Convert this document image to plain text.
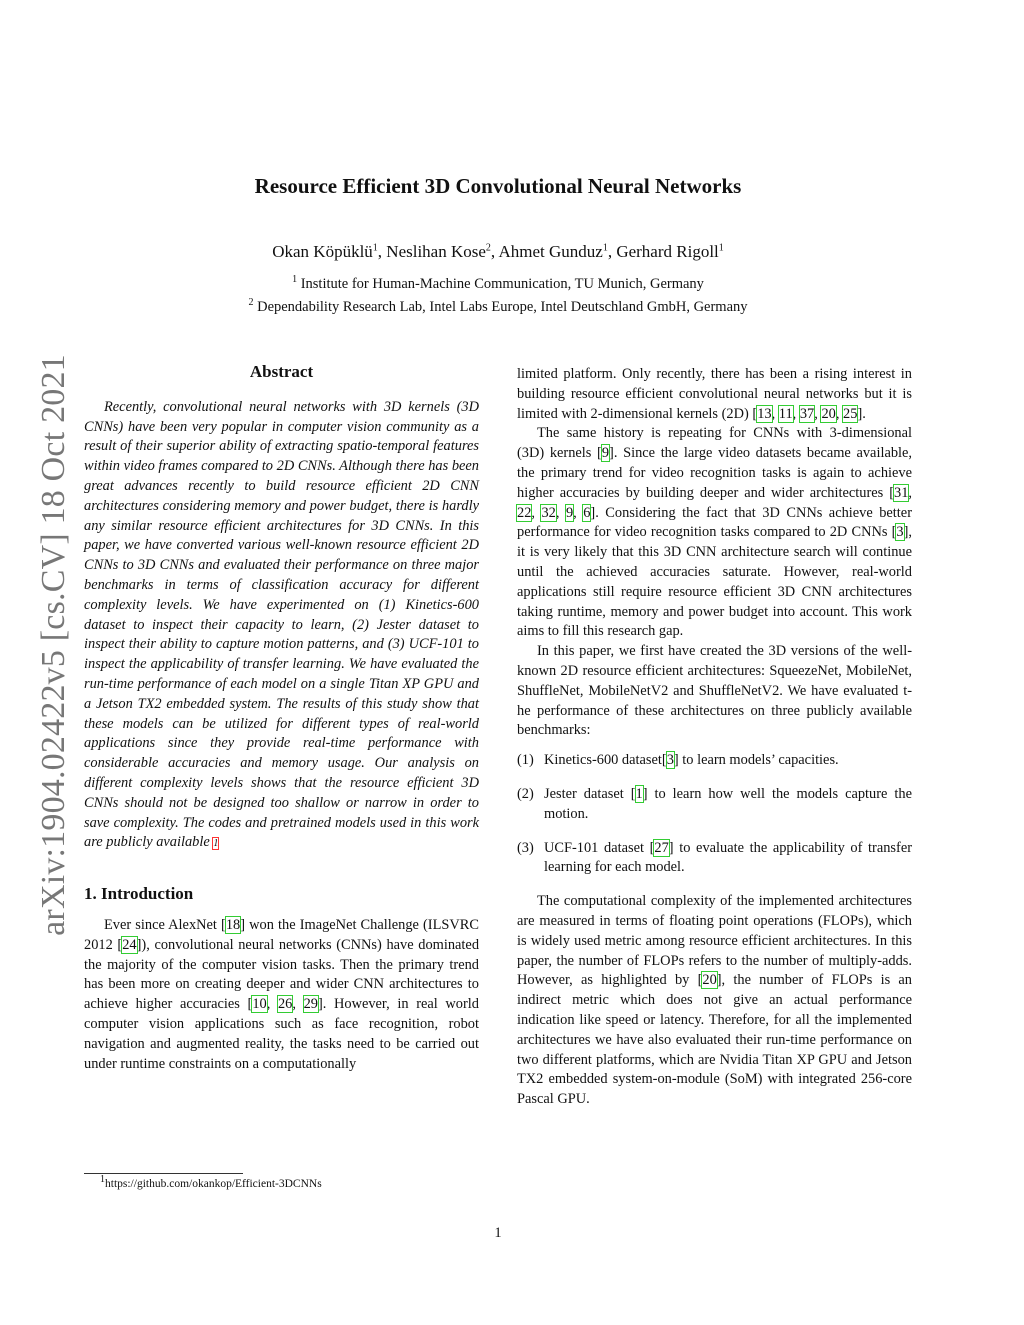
arXiv:1904.02422v5 [cs.CV] 18 Oct 2021
Resource Efficient 3D Convolutional Neural Networks
Okan Köpüklü$^1$, Neslihan Kose$^2$, Ahmet Gunduz$^1$, Gerhard Rigoll$^1$
$^1$ Institute for Human-Machine Communication, TU Munich, Germany
$^2$ Dependability Research Lab, Intel Labs Europe, Intel Deutschland GmbH, Germany
Abstract

Recently, convolutional neural networks with 3D kernels (3D CNNs) have been very popular in computer vision community as a result of their superior ability of extracting spatio-temporal features within video frames compared to 2D CNNs. Although there has been great advances recently to build resource efficient 2D CNN architectures considering memory and power budget, there is hardly any similar resource efficient architectures for 3D CNNs. In this paper, we have converted various well-known resource efficient 2D CNNs to 3D CNNs and evaluated their performance on three major benchmarks in terms of classification accuracy for different complexity levels. We have experimented on (1) Kinetics-600 dataset to inspect their capacity to learn, (2) Jester dataset to inspect their ability to capture motion patterns, and (3) UCF-101 to inspect the applicability of transfer learning. We have evaluated the run-time performance of each model on a single Titan XP GPU and a Jetson TX2 embedded system. The results of this study show that these models can be utilized for different types of real-world applications since they provide real-time performance with considerable accuracies and memory usage. Our analysis on different complexity levels shows that the resource efficient 3D CNNs should not be designed too shallow or narrow in order to save complexity. The codes and pretrained models used in this work are publicly available 1

1. Introduction

Ever since AlexNet [18] won the ImageNet Challenge (ILSVRC 2012 [24]), convolutional neural networks (CNNs) have dominated the majority of the computer vision tasks. Then the primary trend has been more on creating deeper and wider CNN architectures to achieve higher accuracies [10, 26, 29]. However, in real world computer vision applications such as face recognition, robot navigation and augmented reality, the tasks need to be carried out under runtime constraints on a computationally

$^1$https://github.com/okankop/Efficient-3DCNNs

limited platform. Only recently, there has been a rising interest in building resource efficient convolutional neural networks but it is limited with 2-dimensional kernels (2D) [13, 11, 37, 20, 25].

The same history is repeating for CNNs with 3-dimensional (3D) kernels [9]. Since the large video datasets became available, the primary trend for video recognition tasks is again to achieve higher accuracies by building deeper and wider architectures [31, 22, 32, 9, 6]. Considering the fact that 3D CNNs achieve better performance for video recognition tasks compared to 2D CNNs [3], it is very likely that this 3D CNN architecture search will continue until the achieved accuracies saturate. However, real-world applications still require resource efficient 3D CNN architectures taking runtime, memory and power budget into account. This work aims to fill this research gap.

In this paper, we first have created the 3D versions of the well-known 2D resource efficient architectures: SqueezeNet, MobileNet, ShuffleNet, MobileNetV2 and ShuffleNetV2. We have evaluated t-he performance of these architectures on three publicly available benchmarks:

(1) Kinetics-600 dataset[3] to learn models’ capacities.
(2) Jester dataset [1] to learn how well the models capture the motion.
(3) UCF-101 dataset [27] to evaluate the applicability of transfer learning for each model.

The computational complexity of the implemented architectures are measured in terms of floating point operations (FLOPs), which is widely used metric among resource efficient architectures. In this paper, the number of FLOPs refers to the number of multiply-adds. However, as highlighted by [20], the number of FLOPs is an indirect metric which does not give an actual performance indication like speed or latency. Therefore, for all the implemented architectures we have also evaluated their run-time performance on two different platforms, which are Nvidia Titan XP GPU and Jetson TX2 embedded system-on-module (SoM) with integrated 256-core Pascal GPU.

1
